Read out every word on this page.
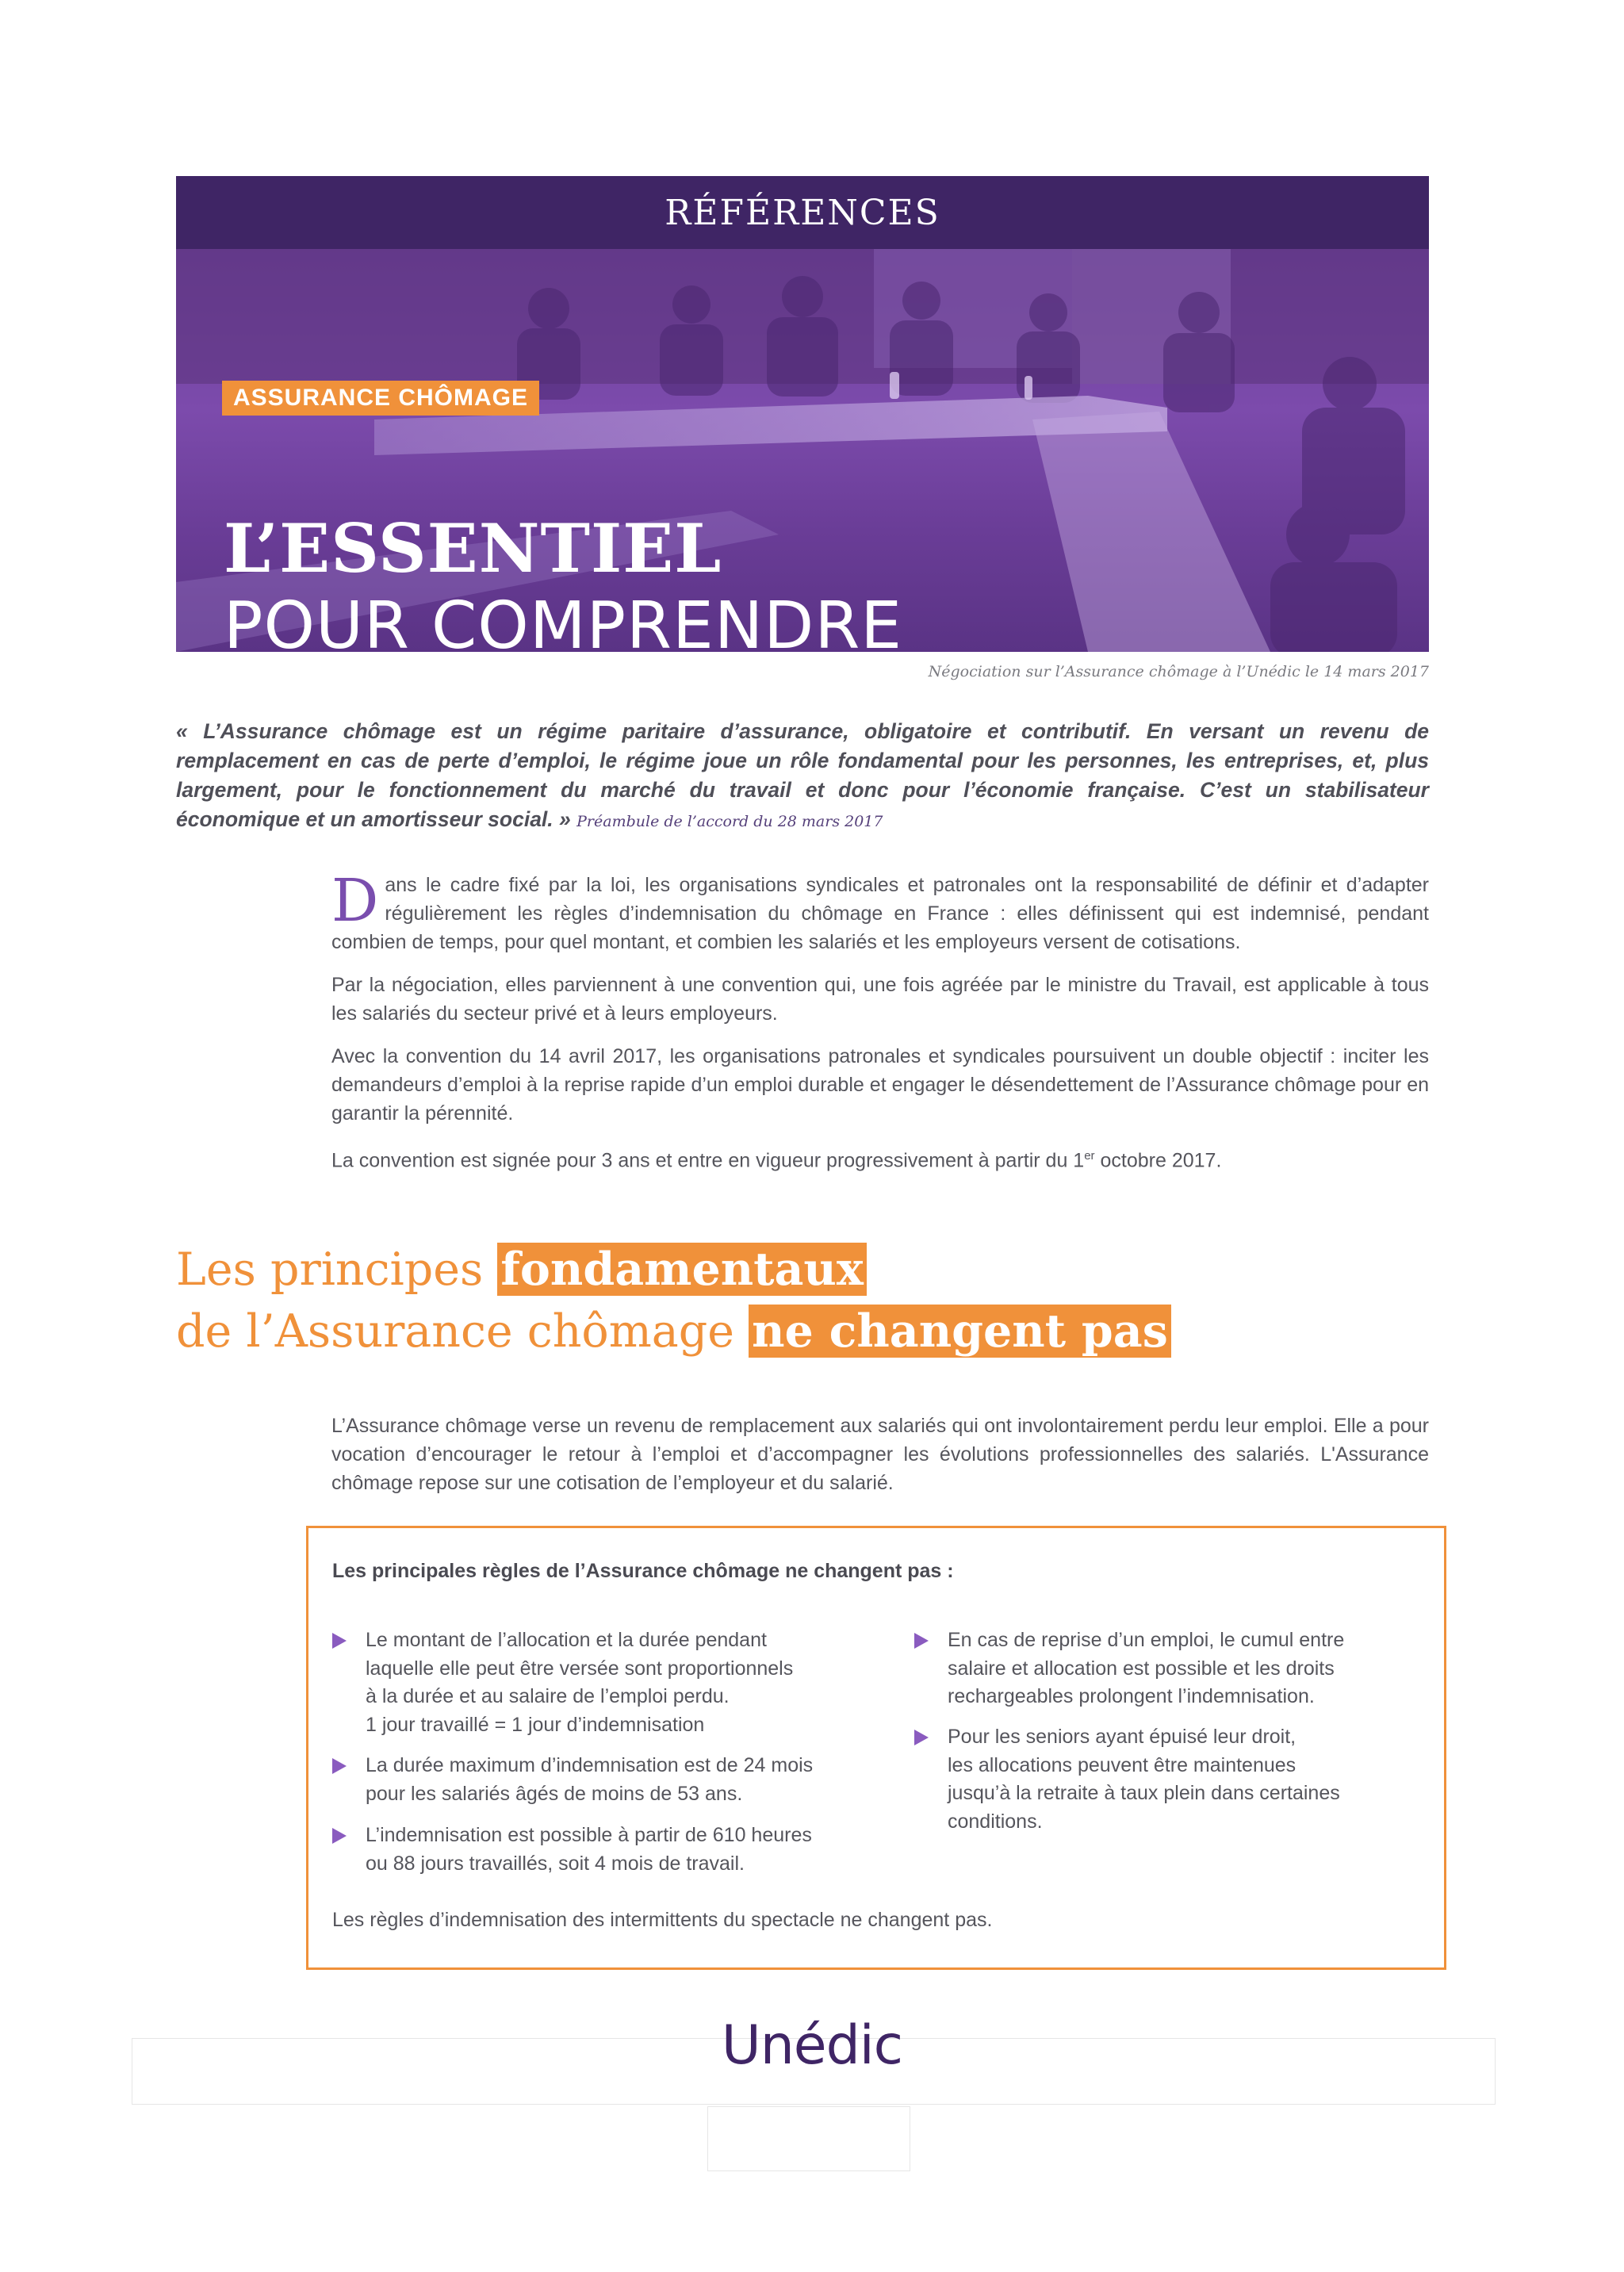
RÉFÉRENCES
ASSURANCE CHÔMAGE
L’ESSENTIEL
POUR COMPRENDRE
Négociation sur l’Assurance chômage à l’Unédic le 14 mars 2017
« L’Assurance chômage est un régime paritaire d’assurance, obligatoire et contributif. En versant un revenu de remplacement en cas de perte d’emploi, le régime joue un rôle fondamental pour les personnes, les entreprises, et, plus largement, pour le fonctionnement du marché du travail et donc pour l’économie française. C’est un stabilisateur économique et un amortisseur social. » Préambule de l’accord du 28 mars 2017

Dans le cadre fixé par la loi, les organisations syndicales et patronales ont la responsabilité de définir et d’adapter régulièrement les règles d’indemnisation du chômage en France : elles définissent qui est indemnisé, pendant combien de temps, pour quel montant, et combien les salariés et les employeurs versent de cotisations.

Par la négociation, elles parviennent à une convention qui, une fois agréée par le ministre du Travail, est applicable à tous les salariés du secteur privé et à leurs employeurs.

Avec la convention du 14 avril 2017, les organisations patronales et syndicales poursuivent un double objectif : inciter les demandeurs d’emploi à la reprise rapide d’un emploi durable et engager le désendettement de l’Assurance chômage pour en garantir la pérennité.

La convention est signée pour 3 ans et entre en vigueur progressivement à partir du 1er octobre 2017.

Les principes fondamentaux
de l’Assurance chômage ne changent pas
L’Assurance chômage verse un revenu de remplacement aux salariés qui ont involontairement perdu leur emploi. Elle a pour vocation d’encourager le retour à l’emploi et d’accompagner les évolutions professionnelles des salariés. L'Assurance chômage repose sur une cotisation de l’employeur et du salarié.
Les principales règles de l’Assurance chômage ne changent pas :
Le montant de l’allocation et la durée pendant
laquelle elle peut être versée sont proportionnels
à la durée et au salaire de l’emploi perdu.
1 jour travaillé = 1 jour d’indemnisation
La durée maximum d’indemnisation est de 24 mois
pour les salariés âgés de moins de 53 ans.
L’indemnisation est possible à partir de 610 heures
ou 88 jours travaillés, soit 4 mois de travail.
En cas de reprise d’un emploi, le cumul entre
salaire et allocation est possible et les droits
rechargeables prolongent l’indemnisation.
Pour les seniors ayant épuisé leur droit,
les allocations peuvent être maintenues
jusqu’à la retraite à taux plein dans certaines
conditions.
Les règles d’indemnisation des intermittents du spectacle ne changent pas.
Unédic
